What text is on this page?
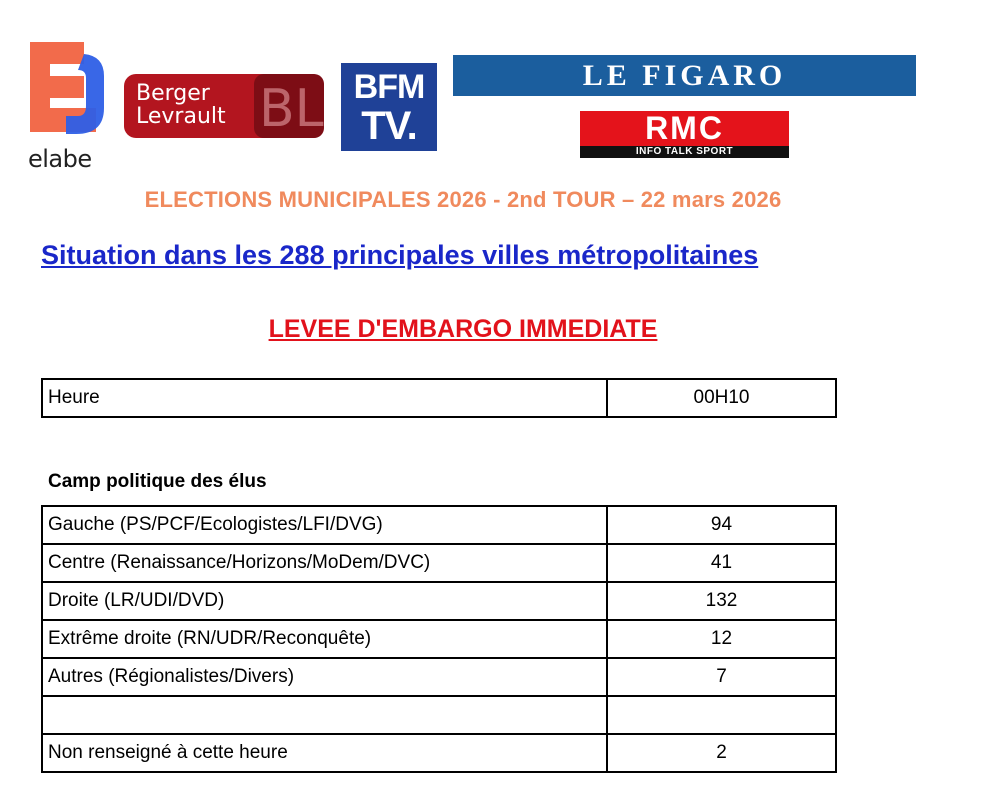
elabe
BL
Berger
Levrault
BFM
TV.
LE FIGARO
RMC
INFO TALK SPORT
ELECTIONS MUNICIPALES 2026 - 2nd TOUR – 22 mars 2026
Situation dans les 288 principales villes métropolitaines
LEVEE D'EMBARGO IMMEDIATE
Heure	00H10
Camp politique des élus
Gauche (PS/PCF/Ecologistes/LFI/DVG)	94
Centre (Renaissance/Horizons/MoDem/DVC)	41
Droite (LR/UDI/DVD)	132
Extrême droite (RN/UDR/Reconquête)	12
Autres (Régionalistes/Divers)	7

Non renseigné à cette heure	2
